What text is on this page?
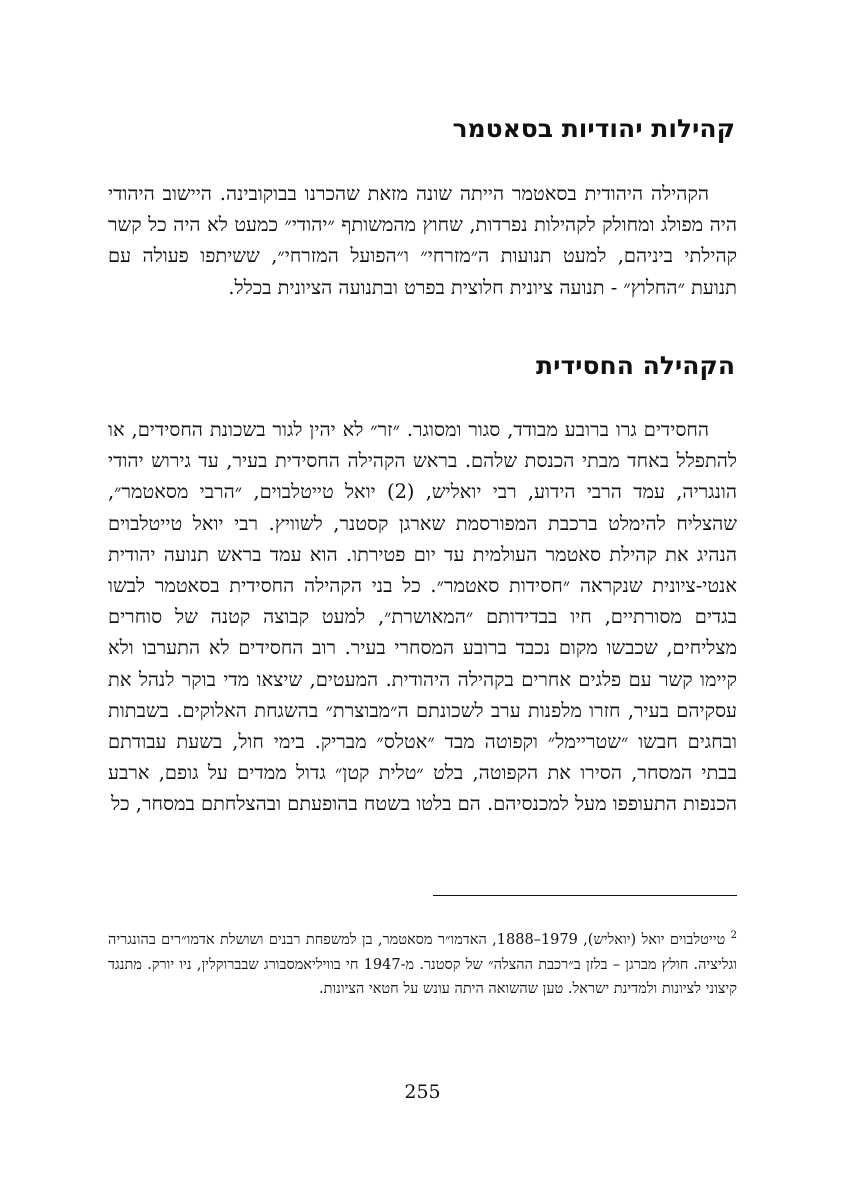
קהילות יהודיות בסאטמר

הקהילה היהודית בסאטמר הייתה שונה מזאת שהכרנו בבוקובינה. היישוב היהודי היה מפולג ומחולק לקהילות נפרדות, שחוץ מהמשותף ״יהודי״ כמעט לא היה כל קשר קהילתי ביניהם, למעט תנועות ה״מזרחי״ ו״הפועל המזרחי״, ששיתפו פעולה עם תנועת ״החלוץ״ - תנועה ציונית חלוצית בפרט ובתנועה הציונית בכלל.

הקהילה החסידית

החסידים גרו ברובע מבודד, סגור ומסוגר. ״זר״ לא יהין לגור בשכונת החסידים, או להתפלל באחד מבתי הכנסת שלהם. בראש הקהילה החסידית בעיר, עד גירוש יהודי הונגריה, עמד הרבי הידוע, רבי יואליש, (2) יואל טייטלבוים, ״הרבי מסאטמר״, שהצליח להימלט ברכבת המפורסמת שארגן קסטנר, לשוויץ. רבי יואל טייטלבוים הנהיג את קהילת סאטמר העולמית עד יום פטירתו. הוא עמד בראש תנועה יהודית אנטי-ציונית שנקראה ״חסידות סאטמר״. כל בני הקהילה החסידית בסאטמר לבשו בגדים מסורתיים, חיו בבדידותם ״המאושרת״, למעט קבוצה קטנה של סוחרים מצליחים, שכבשו מקום נכבד ברובע המסחרי בעיר. רוב החסידים לא התערבו ולא קיימו קשר עם פלגים אחרים בקהילה היהודית. המעטים, שיצאו מדי בוקר לנהל את עסקיהם בעיר, חזרו מלפנות ערב לשכונתם ה״מבוצרת״ בהשגחת האלוקים. בשבתות ובחגים חבשו ״שטריימל״ וקפוטה מבד ״אטלס״ מבריק. בימי חול, בשעת עבודתם בבתי המסחר, הסירו את הקפוטה, בלט ״טלית קטן״ גדול ממדים על גופם, ארבע הכנפות התעופפו מעל למכנסיהם. הם בלטו בשטח בהופעתם ובהצלחתם במסחר, כל

$^2$ טייטלבוים יואל (יואליש), 1979–1888, האדמו״ר מסאטמר, בן למשפחת רבנים ושושלת אדמו״רים בהונגריה וגליציה. חולץ מברגן – בלזן ב״רכבת ההצלה״ של קסטנר. מ-1947 חי בוויליאמסבורג שבברוקלין, ניו יורק. מתנגד קיצוני לציונות ולמדינת ישראל. טען שהשואה היתה עונש על חטאי הציונות.

255
